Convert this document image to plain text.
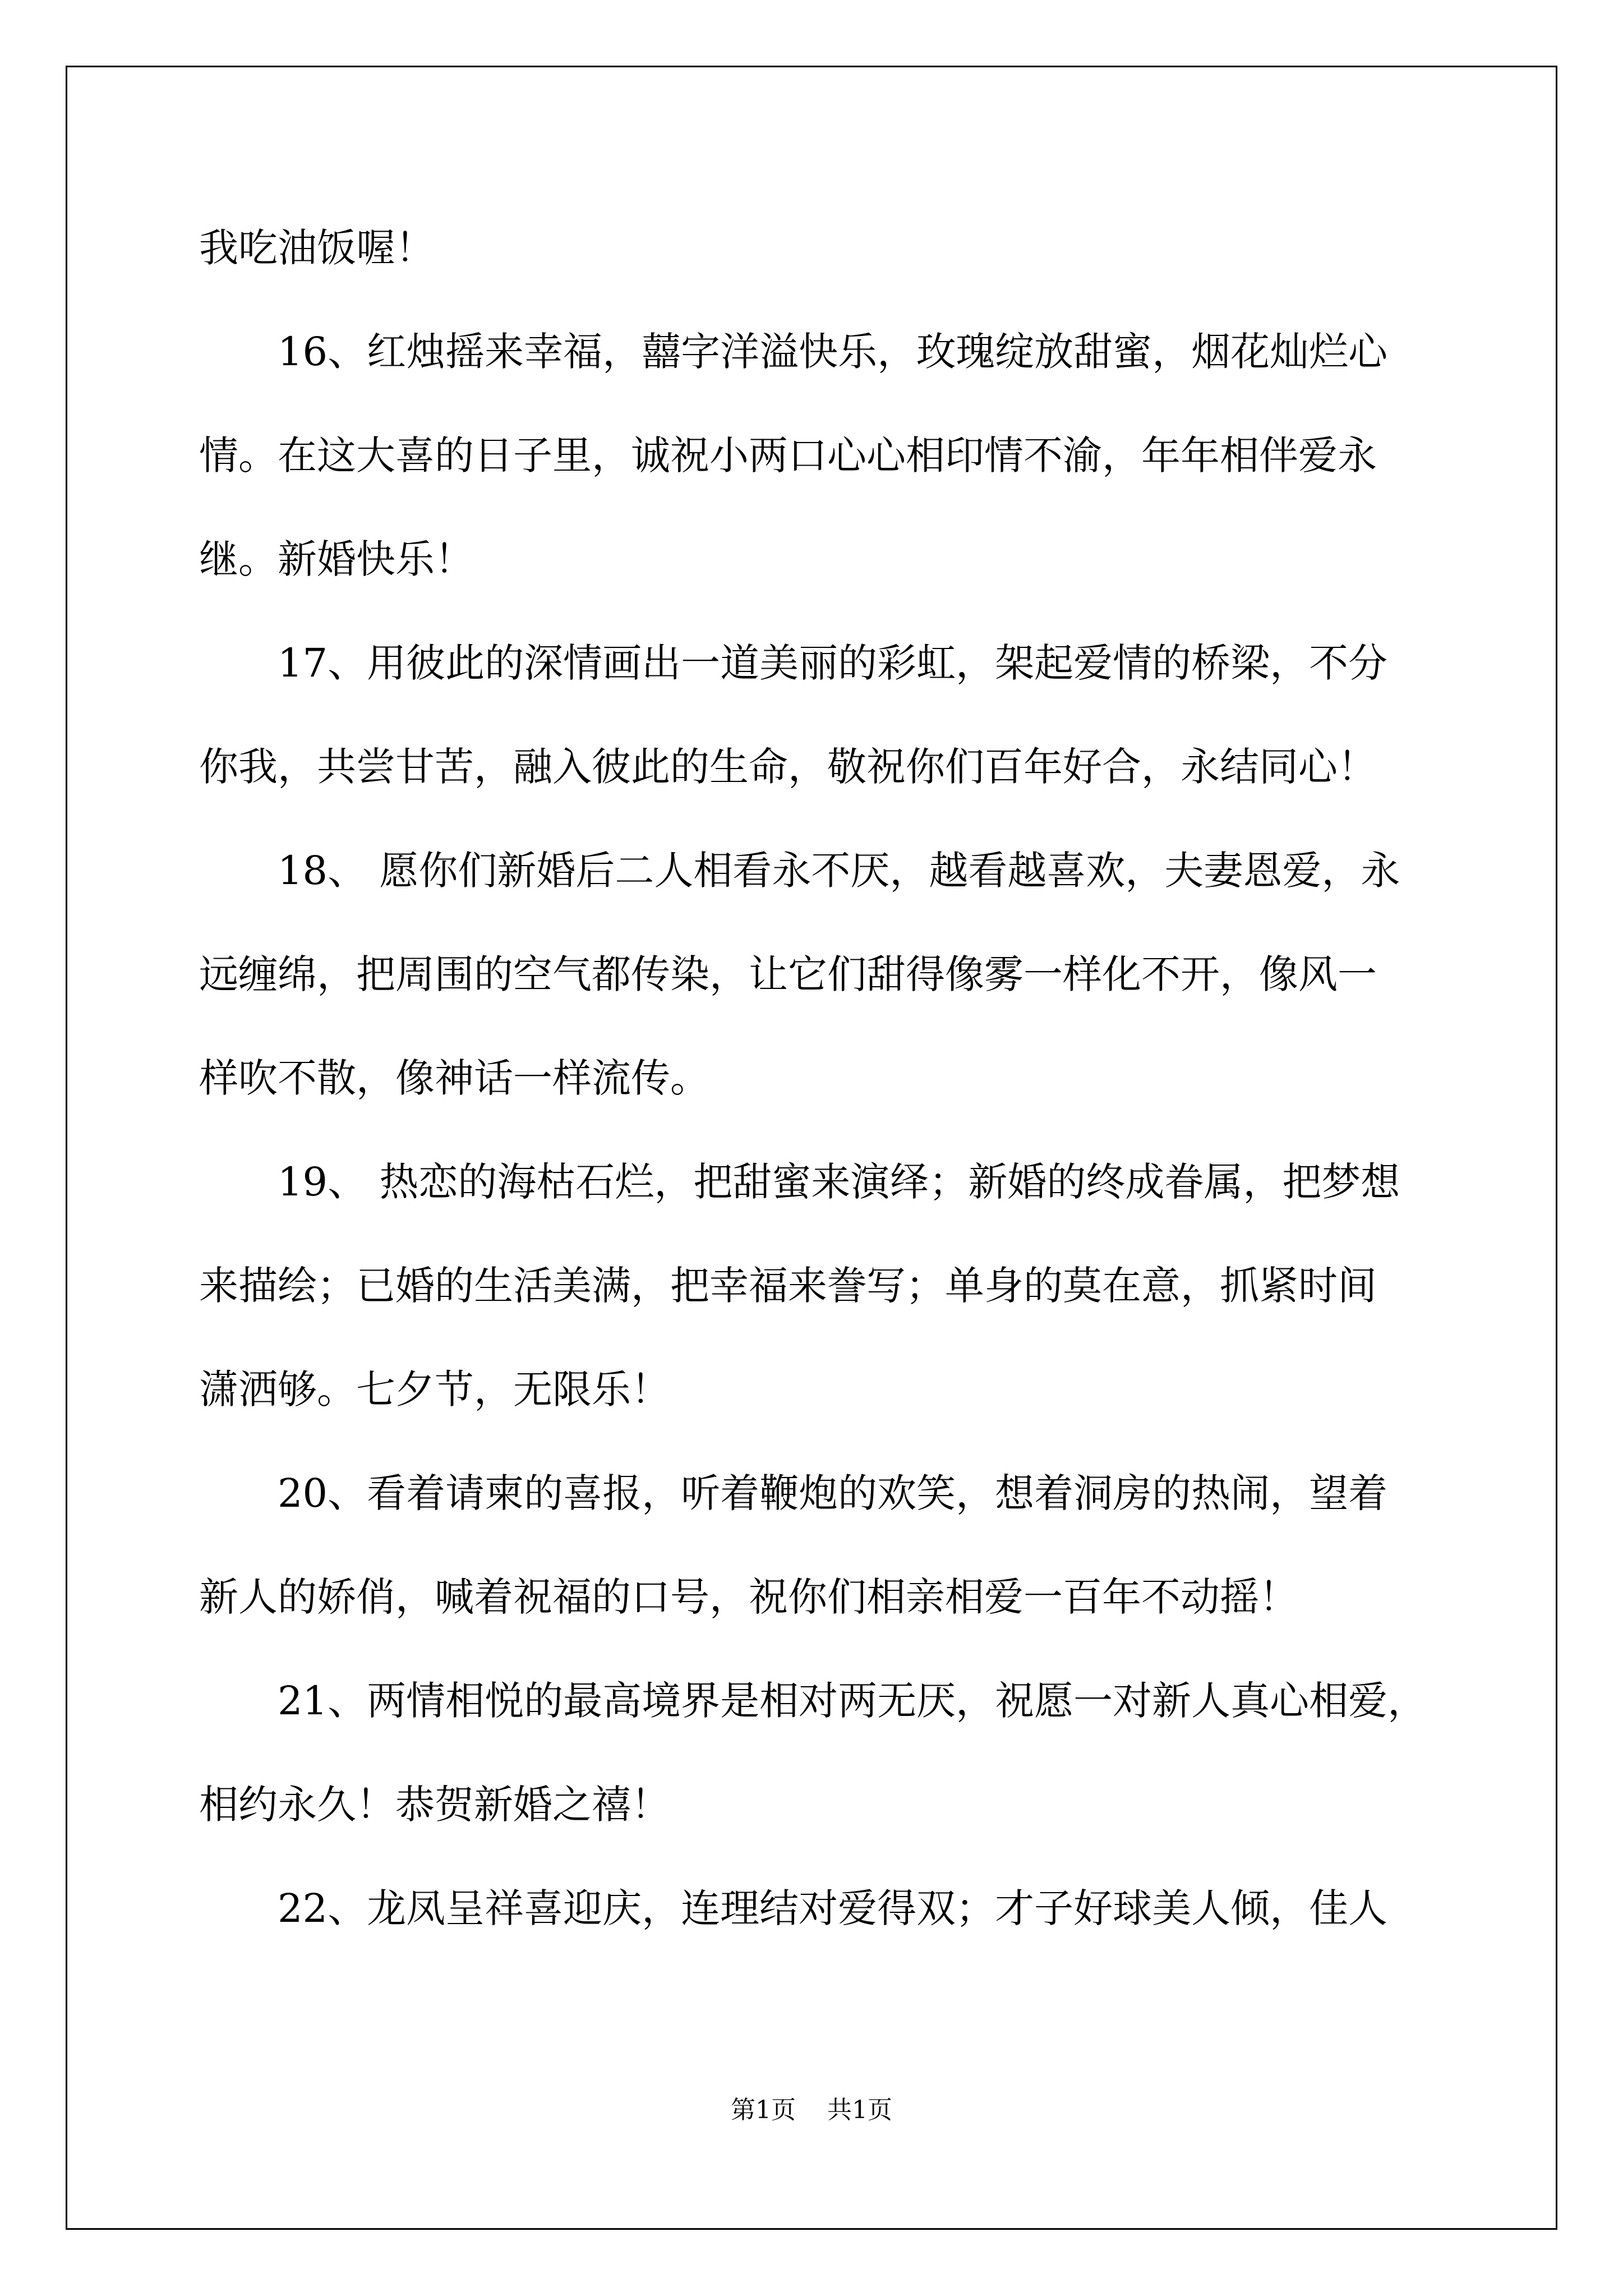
我吃油饭喔！
16、红烛摇来幸福，囍字洋溢快乐，玫瑰绽放甜蜜，烟花灿烂心
情。在这大喜的日子里，诚祝小两口心心相印情不渝，年年相伴爱永
继。新婚快乐！
17、用彼此的深情画出一道美丽的彩虹，架起爱情的桥梁，不分
你我，共尝甘苦，融入彼此的生命，敬祝你们百年好合，永结同心！
18、 愿你们新婚后二人相看永不厌，越看越喜欢，夫妻恩爱，永
远缠绵，把周围的空气都传染，让它们甜得像雾一样化不开，像风一
样吹不散，像神话一样流传。
19、 热恋的海枯石烂，把甜蜜来演绎；新婚的终成眷属，把梦想
来描绘；已婚的生活美满，把幸福来誊写；单身的莫在意，抓紧时间
潇洒够。七夕节，无限乐！
20、看着请柬的喜报，听着鞭炮的欢笑，想着洞房的热闹，望着
新人的娇俏，喊着祝福的口号，祝你们相亲相爱一百年不动摇！
21、两情相悦的最高境界是相对两无厌，祝愿一对新人真心相爱，
相约永久！恭贺新婚之禧！
22、龙凤呈祥喜迎庆，连理结对爱得双；才子好球美人倾，佳人
第1页 共1页
